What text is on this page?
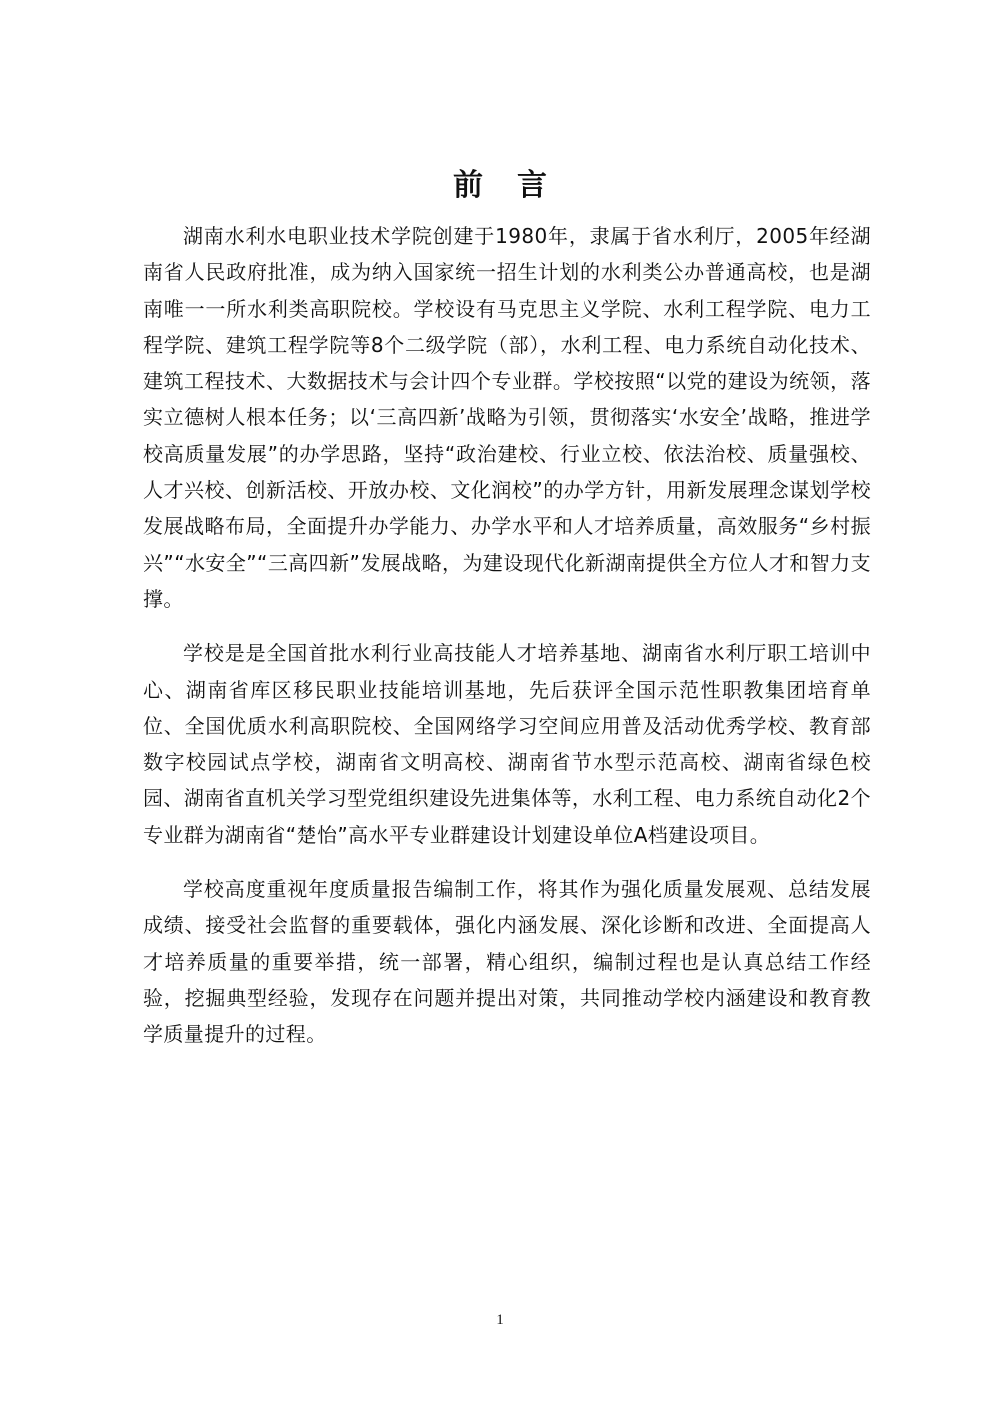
前言

湖南水利水电职业技术学院创建于1980年，隶属于省水利厅，2005年经湖南省人民政府批准，成为纳入国家统一招生计划的水利类公办普通高校，也是湖南唯一一所水利类高职院校。学校设有马克思主义学院、水利工程学院、电力工程学院、建筑工程学院等8个二级学院（部），水利工程、电力系统自动化技术、建筑工程技术、大数据技术与会计四个专业群。学校按照“以党的建设为统领，落实立德树人根本任务；以‘三高四新’战略为引领，贯彻落实‘水安全’战略，推进学校高质量发展”的办学思路，坚持“政治建校、行业立校、依法治校、质量强校、人才兴校、创新活校、开放办校、文化润校”的办学方针，用新发展理念谋划学校发展战略布局，全面提升办学能力、办学水平和人才培养质量，高效服务“乡村振兴”“水安全”“三高四新”发展战略，为建设现代化新湖南提供全方位人才和智力支撑。

学校是是全国首批水利行业高技能人才培养基地、湖南省水利厅职工培训中心、湖南省库区移民职业技能培训基地，先后获评全国示范性职教集团培育单位、全国优质水利高职院校、全国网络学习空间应用普及活动优秀学校、教育部数字校园试点学校，湖南省文明高校、湖南省节水型示范高校、湖南省绿色校园、湖南省直机关学习型党组织建设先进集体等，水利工程、电力系统自动化2个专业群为湖南省“楚怡”高水平专业群建设计划建设单位A档建设项目。

学校高度重视年度质量报告编制工作，将其作为强化质量发展观、总结发展成绩、接受社会监督的重要载体，强化内涵发展、深化诊断和改进、全面提高人才培养质量的重要举措，统一部署，精心组织，编制过程也是认真总结工作经验，挖掘典型经验，发现存在问题并提出对策，共同推动学校内涵建设和教育教学质量提升的过程。

1
